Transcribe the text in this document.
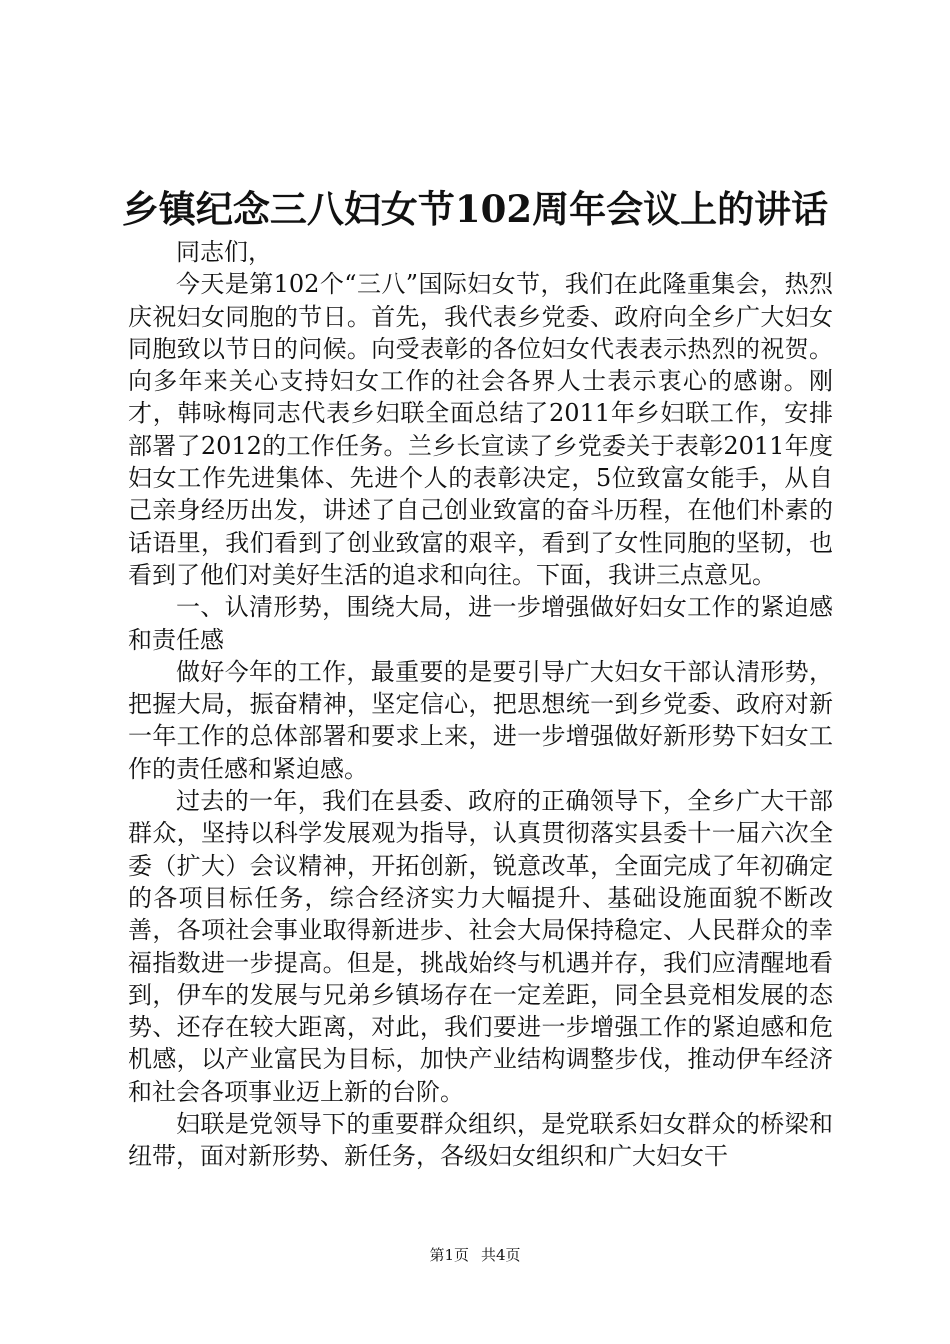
乡镇纪念三八妇女节102周年会议上的讲话

同志们，

今天是第102个“三八”国际妇女节，我们在此隆重集会，热烈庆祝妇女同胞的节日。首先，我代表乡党委、政府向全乡广大妇女同胞致以节日的问候。向受表彰的各位妇女代表表示热烈的祝贺。向多年来关心支持妇女工作的社会各界人士表示衷心的感谢。刚才，韩咏梅同志代表乡妇联全面总结了2011年乡妇联工作，安排部署了2012的工作任务。兰乡长宣读了乡党委关于表彰2011年度妇女工作先进集体、先进个人的表彰决定，5位致富女能手，从自己亲身经历出发，讲述了自己创业致富的奋斗历程，在他们朴素的话语里，我们看到了创业致富的艰辛，看到了女性同胞的坚韧，也看到了他们对美好生活的追求和向往。下面，我讲三点意见。

一、认清形势，围绕大局，进一步增强做好妇女工作的紧迫感和责任感

做好今年的工作，最重要的是要引导广大妇女干部认清形势，把握大局，振奋精神，坚定信心，把思想统一到乡党委、政府对新一年工作的总体部署和要求上来，进一步增强做好新形势下妇女工作的责任感和紧迫感。

过去的一年，我们在县委、政府的正确领导下，全乡广大干部群众，坚持以科学发展观为指导，认真贯彻落实县委十一届六次全委（扩大）会议精神，开拓创新，锐意改革，全面完成了年初确定的各项目标任务，综合经济实力大幅提升、基础设施面貌不断改善，各项社会事业取得新进步、社会大局保持稳定、人民群众的幸福指数进一步提高。但是，挑战始终与机遇并存，我们应清醒地看到，伊车的发展与兄弟乡镇场存在一定差距，同全县竞相发展的态势、还存在较大距离，对此，我们要进一步增强工作的紧迫感和危机感，以产业富民为目标，加快产业结构调整步伐，推动伊车经济和社会各项事业迈上新的台阶。

妇联是党领导下的重要群众组织，是党联系妇女群众的桥梁和纽带，面对新形势、新任务，各级妇女组织和广大妇女干

第1页 共4页
